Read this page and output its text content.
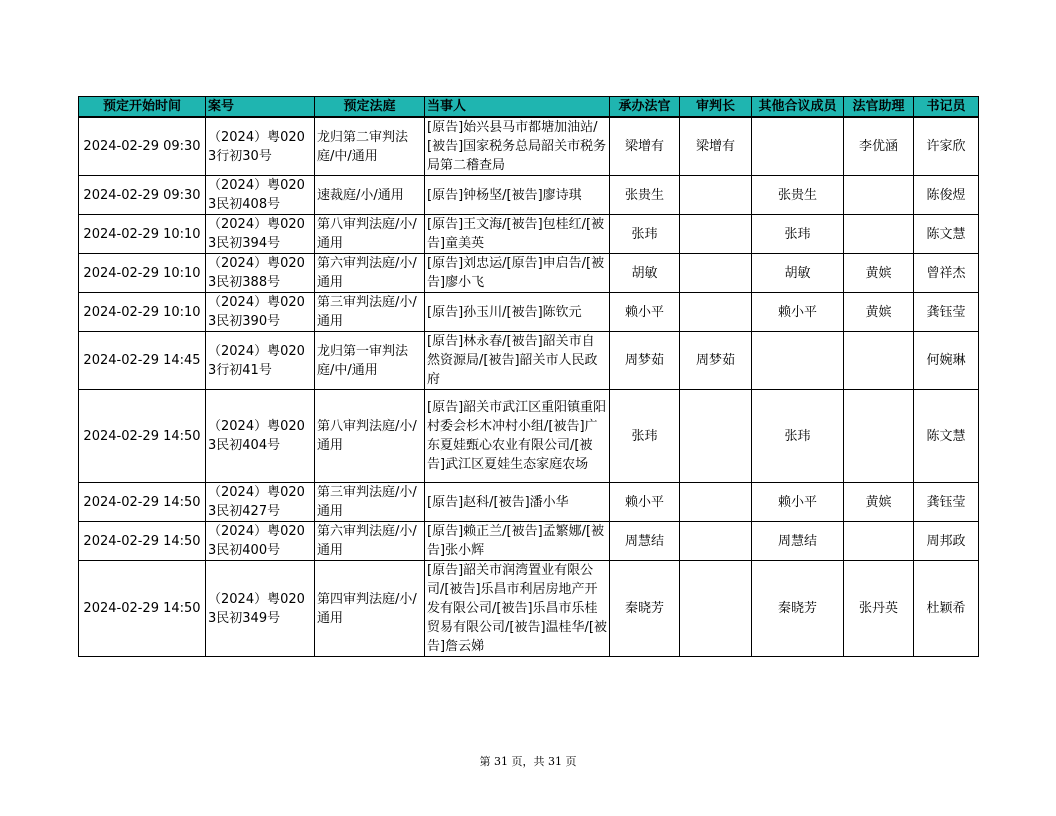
预定开始时间	案号	预定法庭	当事人	承办法官	审判长	其他合议成员	法官助理	书记员
2024-02-29 09:30	（2024）粤0203行初30号	龙归第二审判法庭/中/通用	[原告]始兴县马市都塘加油站/[被告]国家税务总局韶关市税务局第二稽查局	梁增有	梁增有		李优涵	许家欣
2024-02-29 09:30	（2024）粤0203民初408号	速裁庭/小/通用	[原告]钟杨坚/[被告]廖诗琪	张贵生		张贵生		陈俊煜
2024-02-29 10:10	（2024）粤0203民初394号	第八审判法庭/小/通用	[原告]王文海/[被告]包桂红/[被告]童美英	张玮		张玮		陈文慧
2024-02-29 10:10	（2024）粤0203民初388号	第六审判法庭/小/通用	[原告]刘忠运/[原告]申启告/[被告]廖小飞	胡敏		胡敏	黄嫔	曾祥杰
2024-02-29 10:10	（2024）粤0203民初390号	第三审判法庭/小/通用	[原告]孙玉川/[被告]陈钦元	赖小平		赖小平	黄嫔	龚钰莹
2024-02-29 14:45	（2024）粤0203行初41号	龙归第一审判法庭/中/通用	[原告]林永春/[被告]韶关市自然资源局/[被告]韶关市人民政府	周梦茹	周梦茹			何婉琳
2024-02-29 14:50	（2024）粤0203民初404号	第八审判法庭/小/通用	[原告]韶关市武江区重阳镇重阳村委会杉木冲村小组/[被告]广东夏娃甄心农业有限公司/[被告]武江区夏娃生态家庭农场	张玮		张玮		陈文慧
2024-02-29 14:50	（2024）粤0203民初427号	第三审判法庭/小/通用	[原告]赵科/[被告]潘小华	赖小平		赖小平	黄嫔	龚钰莹
2024-02-29 14:50	（2024）粤0203民初400号	第六审判法庭/小/通用	[原告]赖正兰/[被告]孟繁娜/[被告]张小辉	周慧结		周慧结		周邦政
2024-02-29 14:50	（2024）粤0203民初349号	第四审判法庭/小/通用	[原告]韶关市润湾置业有限公司/[被告]乐昌市利居房地产开发有限公司/[被告]乐昌市乐桂贸易有限公司/[被告]温桂华/[被告]詹云娣	秦晓芳		秦晓芳	张丹英	杜颖希
第 31 页，共 31 页
